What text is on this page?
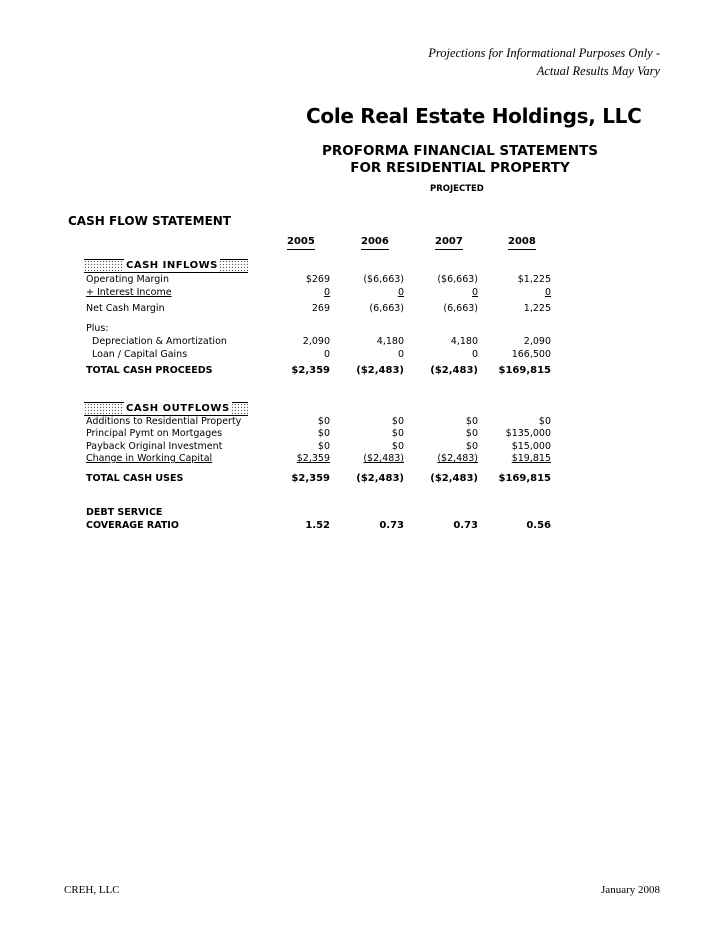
Projections for Informational Purposes Only -
Actual Results May Vary
Cole Real Estate Holdings, LLC
PROFORMA FINANCIAL STATEMENTS
FOR RESIDENTIAL PROPERTY
PROJECTED
CASH FLOW STATEMENT
2005	2006	2007	2008
CASH INFLOWS
Operating Margin	$269	($6,663)	($6,663)	$1,225
+ Interest Income	0	0	0	0
Net Cash Margin	269	(6,663)	(6,663)	1,225
Plus:
Depreciation & Amortization	2,090	4,180	4,180	2,090
Loan / Capital Gains	0	0	0	166,500
TOTAL CASH PROCEEDS	$2,359	($2,483)	($2,483) $169,815
CASH OUTFLOWS
Additions to Residential Property	$0	$0	$0	$0
Principal Pymt on Mortgages	$0	$0	$0	$135,000
Payback Original Investment	$0	$0	$0	$15,000
Change in Working Capital	$2,359	($2,483)	($2,483)	$19,815
TOTAL CASH USES	$2,359	($2,483)	($2,483) $169,815
DEBT SERVICE
COVERAGE RATIO	1.52	0.73	0.73	0.56
CREH, LLC	January 2008
